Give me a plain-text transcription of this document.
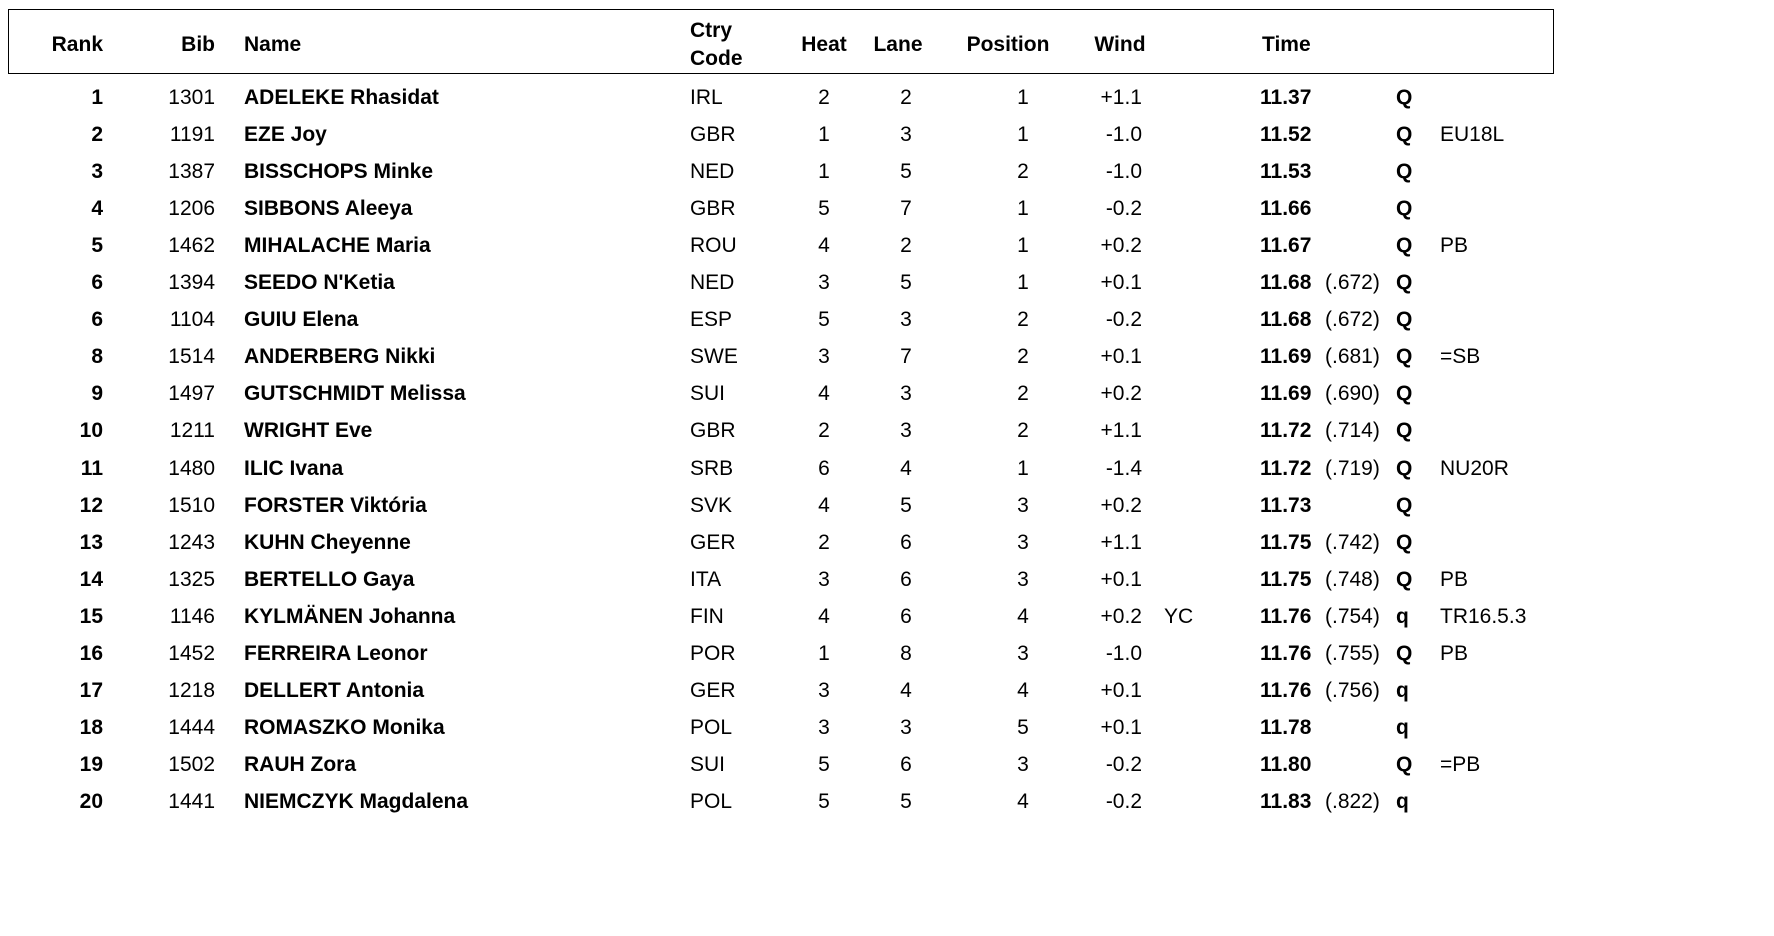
Rank	Bib Name
Ctry
Code
Heat	Lane	Position	Wind	Time
1	1301 ADELEKE Rhasidat	IRL	2	2	1	+1.1	11.37	Q
2	1191 EZE Joy	GBR	1	3	1	-1.0	11.52	Q	EU18L
3	1387 BISSCHOPS Minke	NED	1	5	2	-1.0	11.53	Q
4	1206 SIBBONS Aleeya	GBR	5	7	1	-0.2	11.66	Q
5	1462 MIHALACHE Maria	ROU	4	2	1	+0.2	11.67	Q	PB
6	1394 SEEDO N'Ketia	NED	3	5	1	+0.1	11.68 (.672) Q
6	1104 GUIU Elena	ESP	5	3	2	-0.2	11.68 (.672) Q
8	1514 ANDERBERG Nikki	SWE	3	7	2	+0.1	11.69 (.681) Q	=SB
9	1497 GUTSCHMIDT Melissa	SUI	4	3	2	+0.2	11.69 (.690) Q
10	1211 WRIGHT Eve	GBR	2	3	2	+1.1	11.72 (.714) Q
11	1480 ILIC Ivana	SRB	6	4	1	-1.4	11.72 (.719) Q	NU20R
12	1510 FORSTER Viktória	SVK	4	5	3	+0.2	11.73	Q
13	1243 KUHN Cheyenne	GER	2	6	3	+1.1	11.75 (.742) Q
14	1325 BERTELLO Gaya	ITA	3	6	3	+0.1	11.75 (.748) Q	PB
15	1146 KYLMÄNEN Johanna	FIN	4	6	4	+0.2 YC	11.76 (.754) q	TR16.5.3
16	1452 FERREIRA Leonor	POR	1	8	3	-1.0	11.76 (.755) Q	PB
17	1218 DELLERT Antonia	GER	3	4	4	+0.1	11.76 (.756) q
18	1444 ROMASZKO Monika	POL	3	3	5	+0.1	11.78	q
19	1502 RAUH Zora	SUI	5	6	3	-0.2	11.80	Q	=PB
20	1441 NIEMCZYK Magdalena	POL	5	5	4	-0.2	11.83 (.822) q
